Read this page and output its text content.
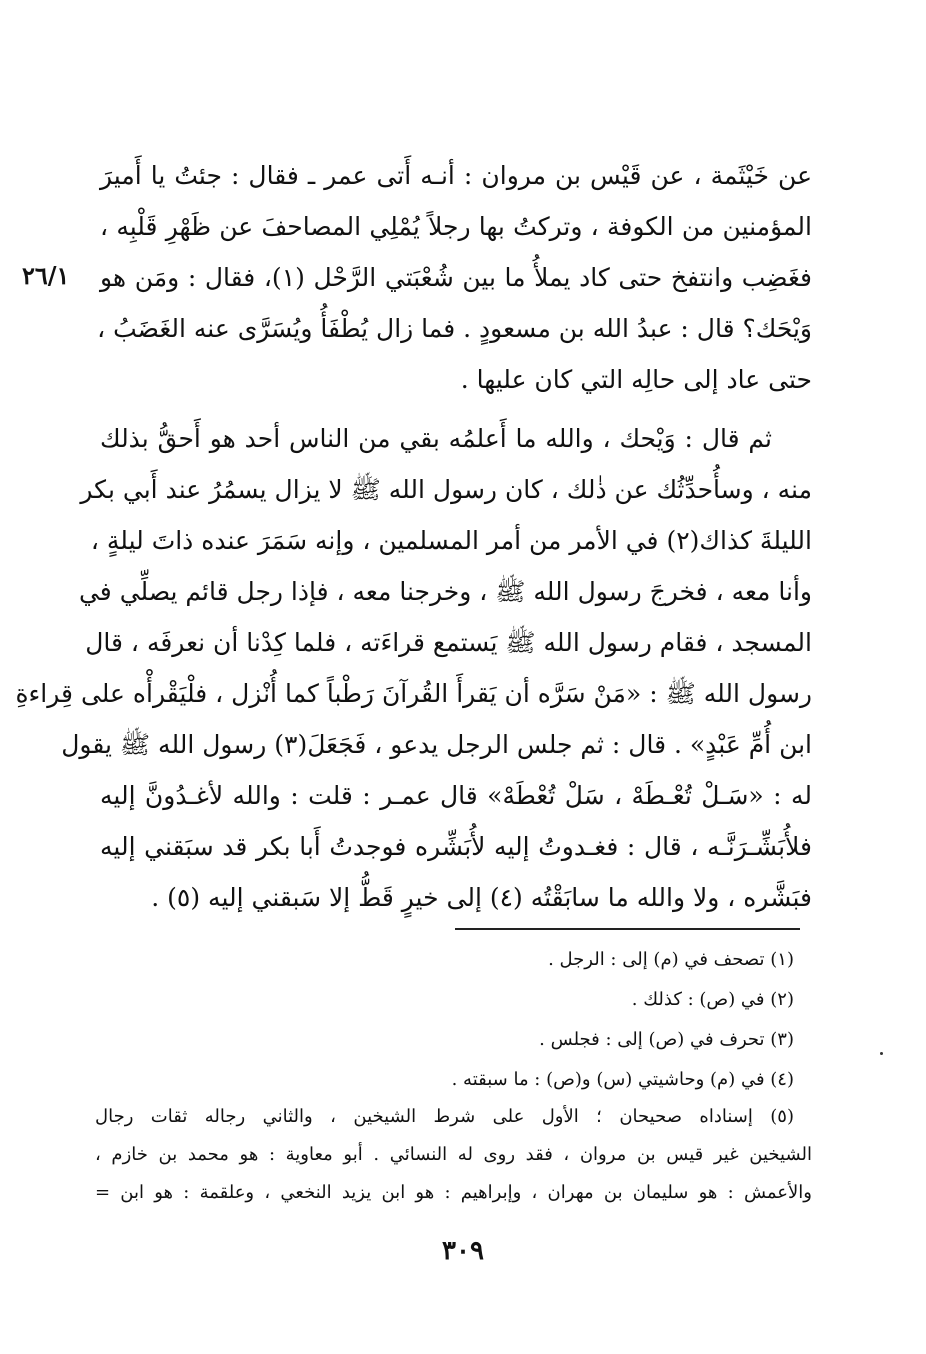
٢٦/١
عن خَيْثَمة ، عن قَيْس بن مروان : أنـه أَتى عمر ـ فقال : جئتُ يا أَميرَ
المؤمنين من الكوفة ، وتركتُ بها رجلاً يُمْلِي المصاحفَ عن ظَهْرِ قَلْبِه ،
فغَضِب وانتفخ حتى كاد يملأُ ما بين شُعْبَتي الرَّحْل (١)، فقال : ومَن هو
وَيْحَك؟ قال : عبدُ الله بن مسعودٍ . فما زال يُطْفَأُ ويُسَرَّى عنه الغَضَبُ ،
حتى عاد إلى حالِه التي كان عليها .
ثم قال : وَيْحك ، والله ما أَعلمُه بقي من الناس أحد هو أَحقُّ بذلك
منه ، وسأُحدِّثُك عن ذٰلك ، كان رسول الله ﷺ لا يزال يسمُرُ عند أَبي بكر
الليلةَ كذاك(٢) في الأمر من أمر المسلمين ، وإنه سَمَرَ عنده ذاتَ ليلةٍ ،
وأنا معه ، فخرجَ رسول الله ﷺ ، وخرجنا معه ، فإذا رجل قائم يصلِّي في
المسجد ، فقام رسول الله ﷺ يَستمع قراءَته ، فلما كِدْنا أن نعرفَه ، قال
رسول الله ﷺ : «مَنْ سَرَّه أن يَقرأَ القُرآنَ رَطْباً كما أُنْزل ، فلْيَقْرأْه على قِراءةِ
ابن أُمِّ عَبْدٍ» . قال : ثم جلس الرجل يدعو ، فَجَعَلَ(٣) رسول الله ﷺ يقول
له : «سَـلْ تُعْـطَهْ ، سَلْ تُعْطَهْ» قال عمـر : قلت : والله لأغـدُونَّ إليه
فلأُبَشِّـرَنَّـه ، قال : فغـدوتُ إليه لأُبَشِّره فوجدتُ أَبا بكر قد سبَقني إليه
فبَشَّره ، ولا والله ما سابَقْتُه (٤) إلى خيرٍ قَطُّ إلا سَبقني إليه (٥) .
(١) تصحف في (م) إلى : الرجل .
(٢) في (ص) : كذلك .
(٣) تحرف في (ص) إلى : فجلس .
(٤) في (م) وحاشيتي (س) و(ص) : ما سبقته .
(٥) إسناداه صحيحان ؛ الأول على شرط الشيخين ، والثاني رجاله ثقات رجال
الشيخين غير قيس بن مروان ، فقد روى له النسائي . أبو معاوية : هو محمد بن خازم ،
والأعمش : هو سليمان بن مهران ، وإبراهيم : هو ابن يزيد النخعي ، وعلقمة : هو ابن =
٣٠٩
